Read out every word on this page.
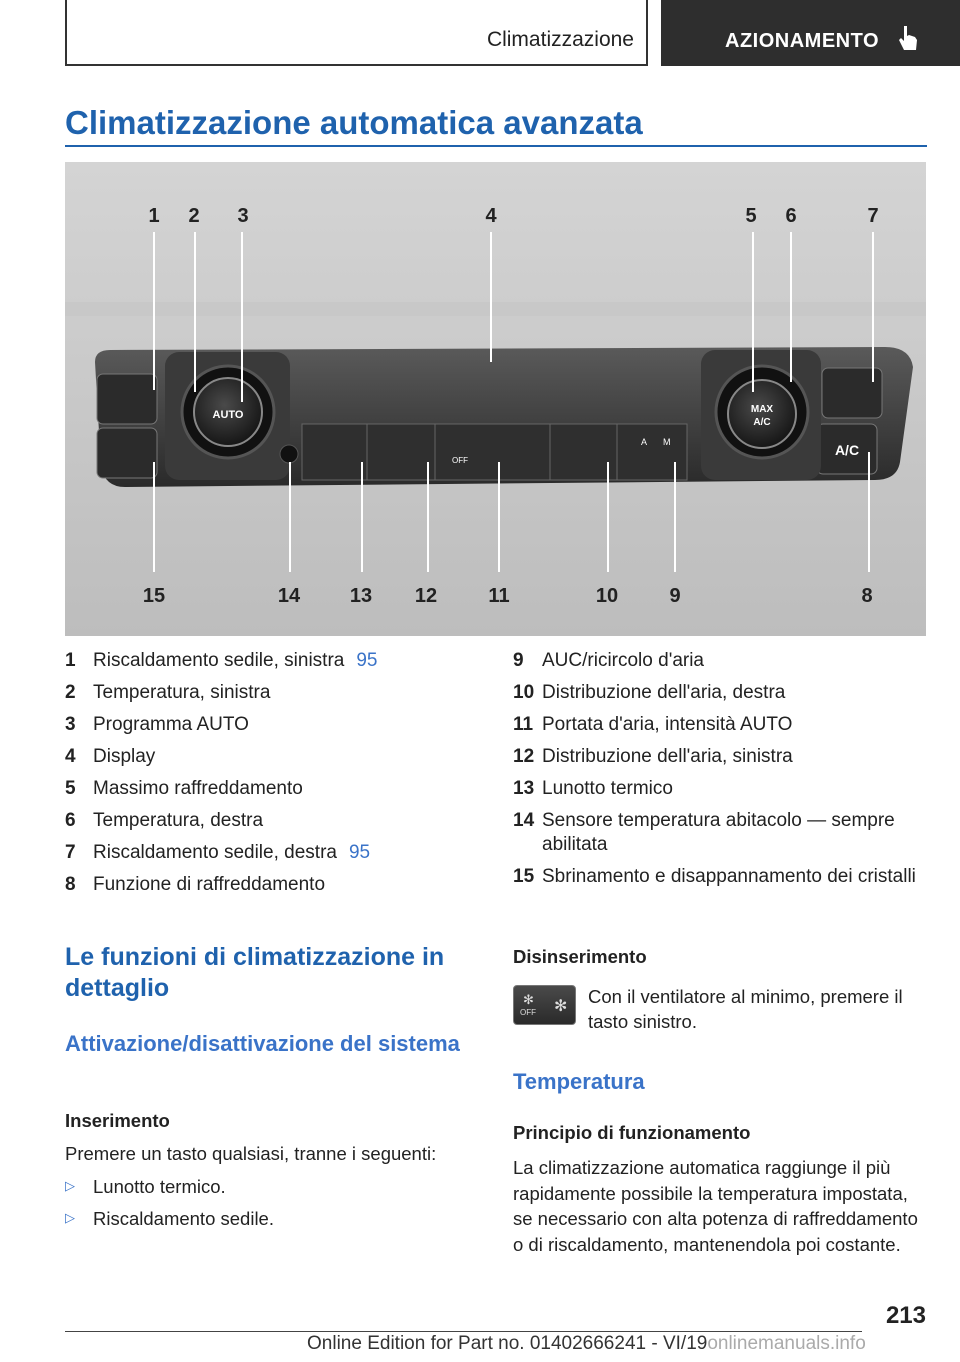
Climatizzazione	AZIONAMENTO
Climatizzazione automatica avanzata
AUTO	MAX
A/C
A/C
OFF
A M
1 2 3	4	5 6	7
8
9
10
11
12
13
14
15
1 Riscaldamento sedile, sinistra 95
2 Temperatura, sinistra
3 Programma AUTO
4 Display
5 Massimo raffreddamento
6 Temperatura, destra
7 Riscaldamento sedile, destra 95
8 Funzione di raffreddamento
9 AUC/ricircolo d'aria
10 Distribuzione dell'aria, destra
11 Portata d'aria, intensità AUTO
12 Distribuzione dell'aria, sinistra
13 Lunotto termico
14 Sensore temperatura abitacolo — sempre
abilitata
15 Sbrinamento e disappannamento dei cristalli
Le funzioni di climatizzazione in dettaglio
Attivazione/disattivazione del sistema
Inserimento
Premere un tasto qualsiasi, tranne i seguenti:
▷ Lunotto termico.
▷ Riscaldamento sedile.
Disinserimento
OFF
✻ ✻ Con il ventilatore al minimo, premere il tasto sinistro.
Temperatura
Principio di funzionamento
La climatizzazione automatica raggiunge il più rapidamente possibile la temperatura impostata, se necessario con alta potenza di raffreddamento o di riscaldamento, mantenendola poi costante.
213
Online Edition for Part no. 01402666241 - VI/19onlinemanuals.info
